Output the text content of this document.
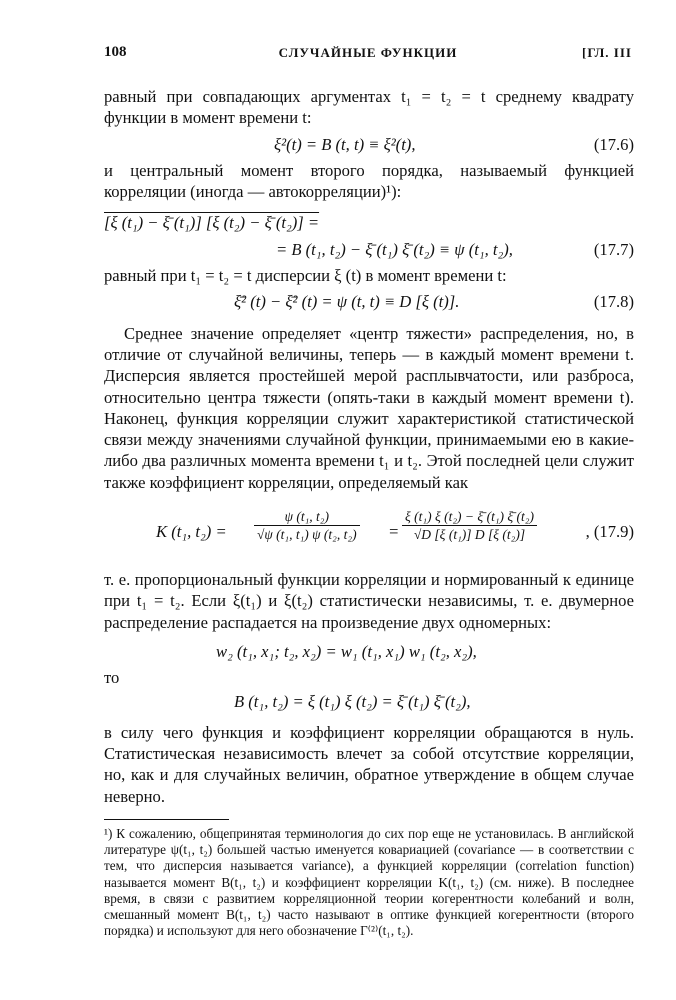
108	СЛУЧАЙНЫЕ ФУНКЦИИ	[ГЛ. III

равный при совпадающих аргументах t₁ = t₂ = t среднему квадрату функции в момент времени t:

ξ²(t) = B (t, t) ≡ ξ²(t),	(17.6)

и центральный момент второго порядка, называемый функцией корреляции (иногда — автокорреляции)¹):

[ξ (t₁) − ξ̄ (t₁)] [ξ (t₂) − ξ̄ (t₂)] =
= B (t₁, t₂) − ξ̄ (t₁) ξ̄ (t₂) ≡ ψ (t₁, t₂),	(17.7)

равный при t₁ = t₂ = t дисперсии ξ (t) в момент времени t:

ξ̄² (t) − ξ̄² (t) = ψ (t, t) ≡ D [ξ (t)].	(17.8)

Среднее значение определяет «центр тяжести» распределения, но, в отличие от случайной величины, теперь — в каждый момент времени t. Дисперсия является простейшей мерой расплывчатости, или разброса, относительно центра тяжести (опять-таки в каждый момент времени t). Наконец, функция корреляции служит характеристикой статистической связи между значениями случайной функции, принимаемыми ею в какие-либо два различных момента времени t₁ и t₂. Этой последней цели служит также коэффициент корреляции, определяемый как

K (t₁, $t_2) = \frac{\text{ψ (t₁, t₂)}}{\text{√ψ (t₁, t₁) ψ (t₂, t₂)}} = \frac{\text{ξ (t₁) ξ (t₂) − ξ̄ (t₁) ξ̄ (t₂)}}{\text{√D [ξ (t₁)] D [ξ (t₂)]}}$	, (17.9)

т. е. пропорциональный функции корреляции и нормированный к единице при t₁ = t₂. Если ξ(t₁) и ξ(t₂) статистически независимы, т. е. двумерное распределение распадается на произведение двух одномерных:

w₂ (t₁, x₁; t₂, x₂) = w₁ (t₁, x₁) w₁ (t₂, x₂),

то

B (t₁, t₂) = ξ (t₁) ξ (t₂) = ξ̄ (t₁) ξ̄ (t₂),

в силу чего функция и коэффициент корреляции обращаются в нуль. Статистическая независимость влечет за собой отсутствие корреляции, но, как и для случайных величин, обратное утверждение в общем случае неверно.

¹) К сожалению, общепринятая терминология до сих пор еще не установилась. В английской литературе ψ(t₁, t₂) большей частью именуется ковариацией (covariance — в соответствии с тем, что дисперсия называется variance), а функцией корреляции (correlation function) называется момент B(t₁, t₂) и коэффициент корреляции K(t₁, t₂) (см. ниже). В последнее время, в связи с развитием корреляционной теории когерентности колебаний и волн, смешанный момент B(t₁, t₂) часто называют в оптике функцией когерентности (второго порядка) и используют для него обозначение Γ⁽²⁾(t₁, t₂).
